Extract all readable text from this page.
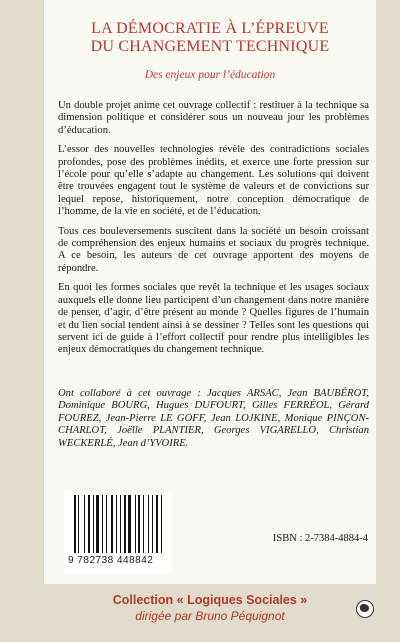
LA DÉMOCRATIE À L’ÉPREUVE
DU CHANGEMENT TECHNIQUE
Des enjeux pour l’éducation

Un double projet anime cet ouvrage collectif : restituer à la technique sa dimension politique et considérer sous un nouveau jour les problèmes d’éducation.

L’essor des nouvelles technologies révèle des contradictions sociales profondes, pose des problèmes inédits, et exerce une forte pression sur l’école pour qu’elle s’adapte au changement. Les solutions qui doivent être trouvées engagent tout le système de valeurs et de convictions sur lequel repose, historiquement, notre conception démocratique de l’homme, de la vie en société, et de l’éducation.

Tous ces bouleversements suscitent dans la société un besoin croissant de compréhension des enjeux humains et sociaux du progrès technique. A ce besoin, les auteurs de cet ouvrage apportent des moyens de répondre.

En quoi les formes sociales que revêt la technique et les usages sociaux auxquels elle donne lieu participent d’un changement dans notre manière de penser, d’agir, d’être présent au monde ? Quelles figures de l’humain et du lien social tendent ainsi à se dessiner ? Telles sont les questions qui servent ici de guide à l’effort collectif pour rendre plus intelligibles les enjeux démocratiques du changement technique.

Ont collaboré à cet ouvrage : Jacques ARSAC, Jean BAUBÉROT, Dominique BOURG, Hugues DUFOURT, Gilles FERRÉOL, Gérard FOUREZ, Jean-Pierre LE GOFF, Jean LOJKINE, Monique PINÇON-CHARLOT, Joëlle PLANTIER, Georges VIGARELLO, Christian WECKERLÉ, Jean d’YVOIRE.
9 782738 448842
ISBN : 2-7384-4884-4
Collection « Logiques Sociales »
dirigée par Bruno Péquignot
